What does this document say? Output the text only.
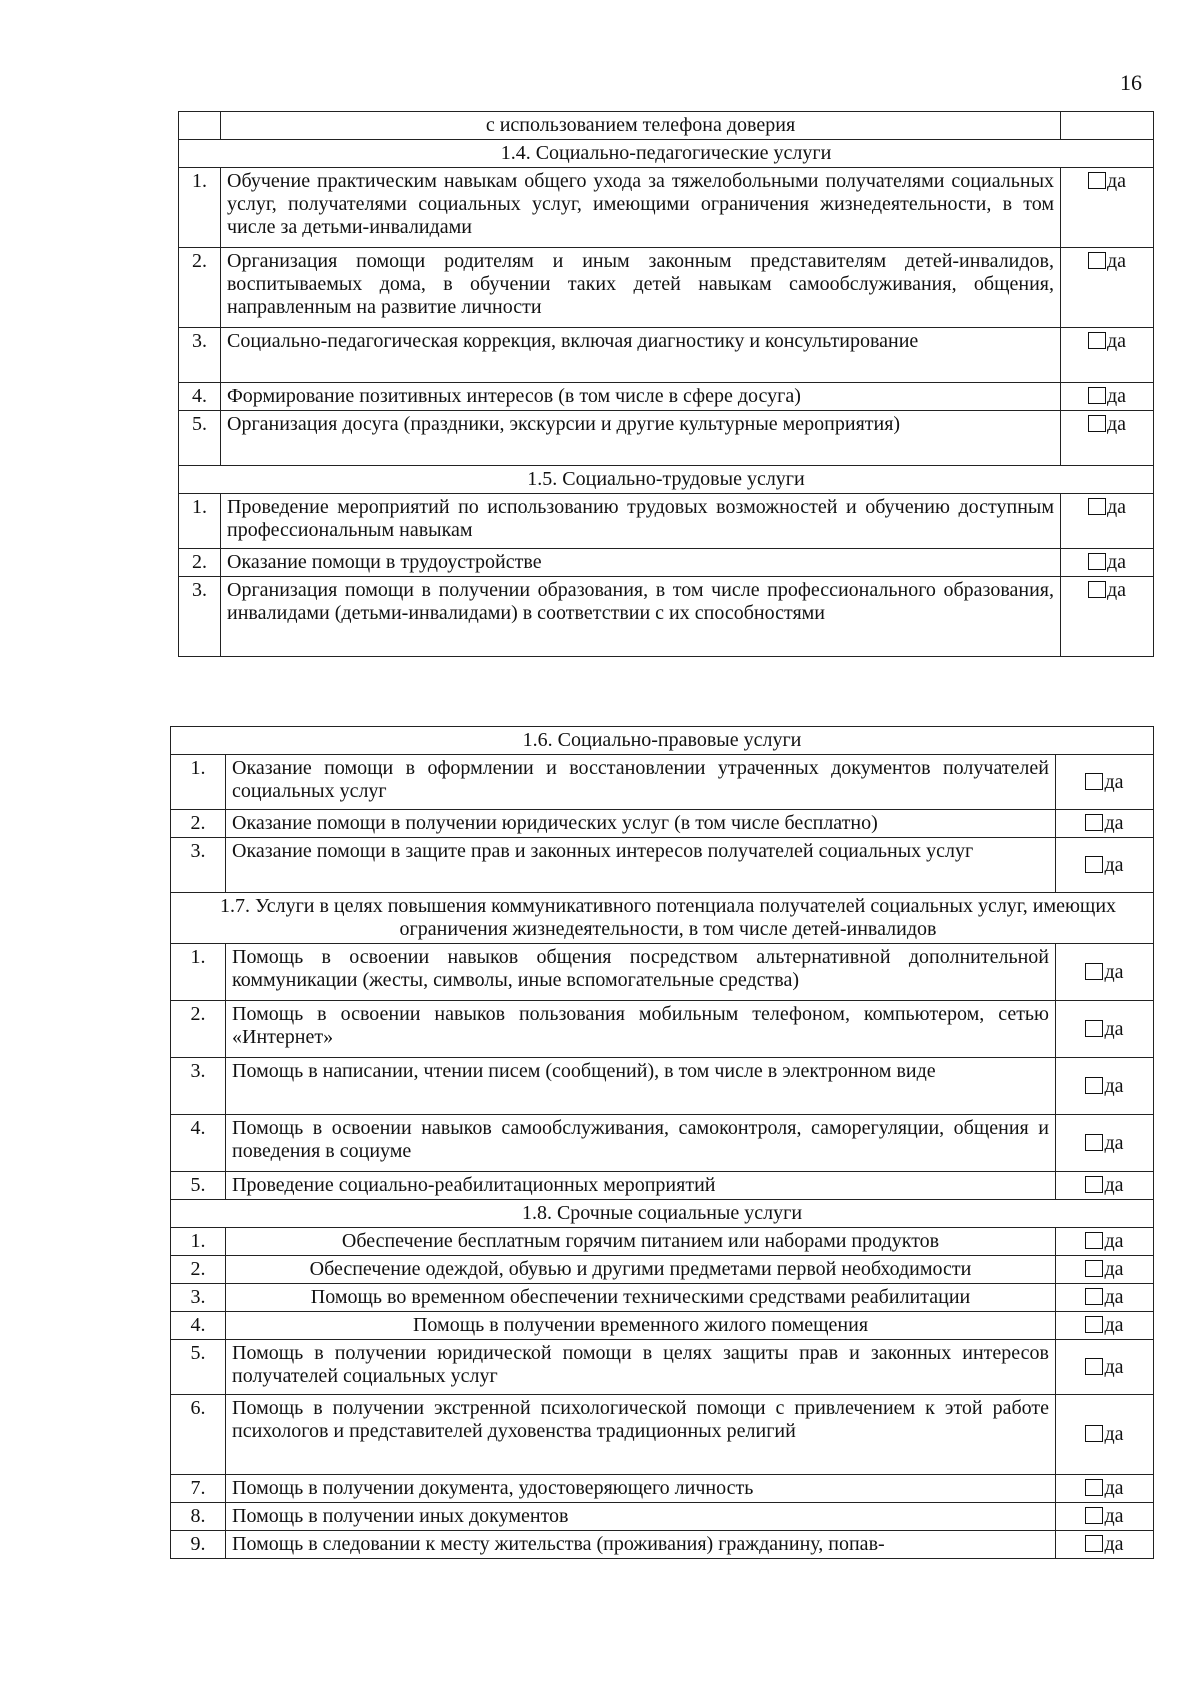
16
	с использованием телефона доверия	
1.4. Социально-педагогические услуги		
1.	Обучение практическим навыкам общего ухода за тяжелобольными получателями социальных услуг, получателями социальных услуг, имеющими ограничения жизнедеятельности, в том числе за детьми-инвалидами	да
2.	Организация помощи родителям и иным законным представителям детей-инвалидов, воспитываемых дома, в обучении таких детей навыкам самообслуживания, общения, направленным на развитие личности	да
3.	Социально-педагогическая коррекция, включая диагностику и консультирование	да
4.	Формирование позитивных интересов (в том числе в сфере досуга)	да
5.	Организация досуга (праздники, экскурсии и другие культурные мероприятия)	да
1.5. Социально-трудовые услуги		
1.	Проведение мероприятий по использованию трудовых возможностей и обучению доступным профессиональным навыкам	да
2.	Оказание помощи в трудоустройстве	да
3.	Организация помощи в получении образования, в том числе профессионального образования, инвалидами (детьми-инвалидами) в соответствии с их способностями	да
1.6. Социально-правовые услуги		
1.	Оказание помощи в оформлении и восстановлении утраченных документов получателей социальных услуг	да
2.	Оказание помощи в получении юридических услуг (в том числе бесплатно)	да
3.	Оказание помощи в защите прав и законных интересов получателей социальных услуг	да
1.7. Услуги в целях повышения коммуникативного потенциала получателей социальных услуг, имеющих ограничения жизнедеятельности, в том числе детей-инвалидов		
1.	Помощь в освоении навыков общения посредством альтернативной дополнительной коммуникации (жесты, символы, иные вспомогательные средства)	да
2.	Помощь в освоении навыков пользования мобильным телефоном, компьютером, сетью «Интернет»	да
3.	Помощь в написании, чтении писем (сообщений), в том числе в электронном виде	да
4.	Помощь в освоении навыков самообслуживания, самоконтроля, саморегуляции, общения и поведения в социуме	да
5.	Проведение социально-реабилитационных мероприятий	да
1.8. Срочные социальные услуги		
1.	Обеспечение бесплатным горячим питанием или наборами продуктов	да
2.	Обеспечение одеждой, обувью и другими предметами первой необходимости	да
3.	Помощь во временном обеспечении техническими средствами реабилитации	да
4.	Помощь в получении временного жилого помещения	да
5.	Помощь в получении юридической помощи в целях защиты прав и законных интересов получателей социальных услуг	да
6.	Помощь в получении экстренной психологической помощи с привлечением к этой работе психологов и представителей духовенства традиционных религий	да
7.	Помощь в получении документа, удостоверяющего личность	да
8.	Помощь в получении иных документов	да
9.	Помощь в следовании к месту жительства (проживания) гражданину, попав-	да
